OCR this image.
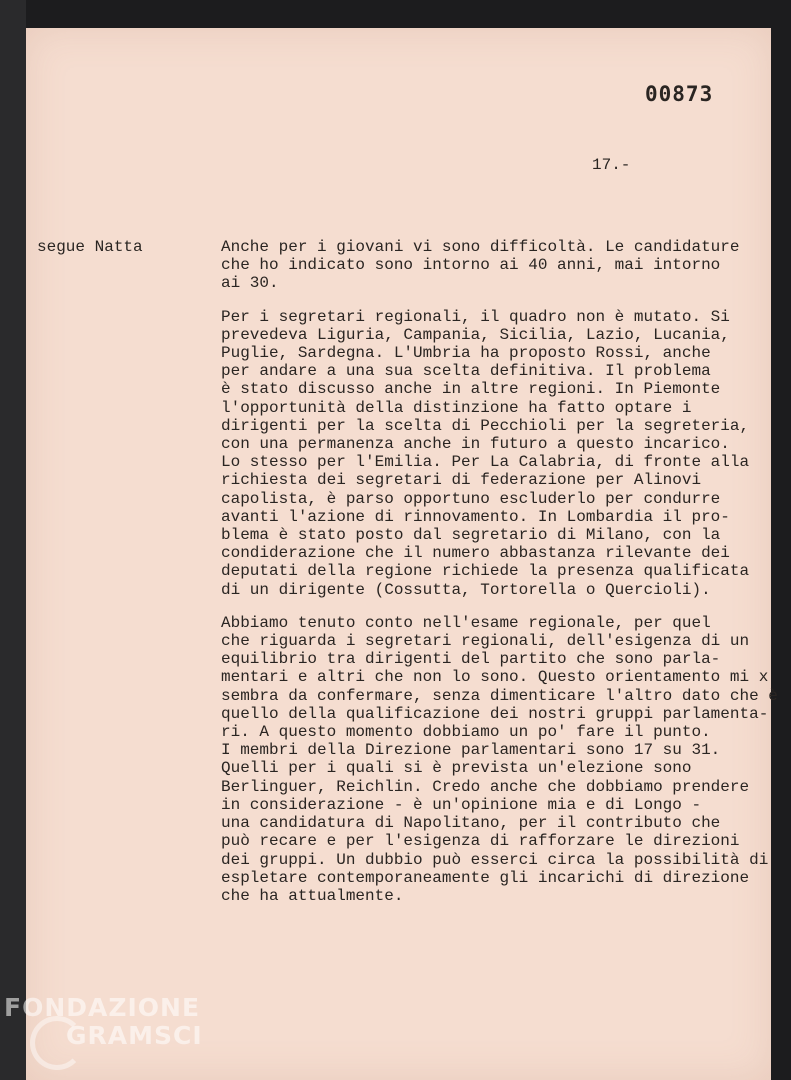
00873
17.-
segue Natta	Anche per i giovani vi sono difficoltà. Le candidature
che ho indicato sono intorno ai 40 anni, mai intorno
ai 30.
Per i segretari regionali, il quadro non è mutato. Si
prevedeva Liguria, Campania, Sicilia, Lazio, Lucania,
Puglie, Sardegna. L'Umbria ha proposto Rossi, anche
per andare a una sua scelta definitiva. Il problema
è stato discusso anche in altre regioni. In Piemonte
l'opportunità della distinzione ha fatto optare i
dirigenti per la scelta di Pecchioli per la segreteria,
con una permanenza anche in futuro a questo incarico.
Lo stesso per l'Emilia. Per La Calabria, di fronte alla
richiesta dei segretari di federazione per Alinovi
capolista, è parso opportuno escluderlo per condurre
avanti l'azione di rinnovamento. In Lombardia il pro-
blema è stato posto dal segretario di Milano, con la
condiderazione che il numero abbastanza rilevante dei
deputati della regione richiede la presenza qualificata
di un dirigente (Cossutta, Tortorella o Quercioli).
Abbiamo tenuto conto nell'esame regionale, per quel
che riguarda i segretari regionali, dell'esigenza di un
equilibrio tra dirigenti del partito che sono parla-
mentari e altri che non lo sono. Questo orientamento mi x
sembra da confermare, senza dimenticare l'altro dato che è
quello della qualificazione dei nostri gruppi parlamenta-
ri. A questo momento dobbiamo un po' fare il punto.
I membri della Direzione parlamentari sono 17 su 31.
Quelli per i quali si è prevista un'elezione sono
Berlinguer, Reichlin. Credo anche che dobbiamo prendere
in considerazione - è un'opinione mia e di Longo -
una candidatura di Napolitano, per il contributo che
può recare e per l'esigenza di rafforzare le direzioni
dei gruppi. Un dubbio può esserci circa la possibilità di
espletare contemporaneamente gli incarichi di direzione
che ha attualmente.
FONDAZIONE
GRAMSCI
